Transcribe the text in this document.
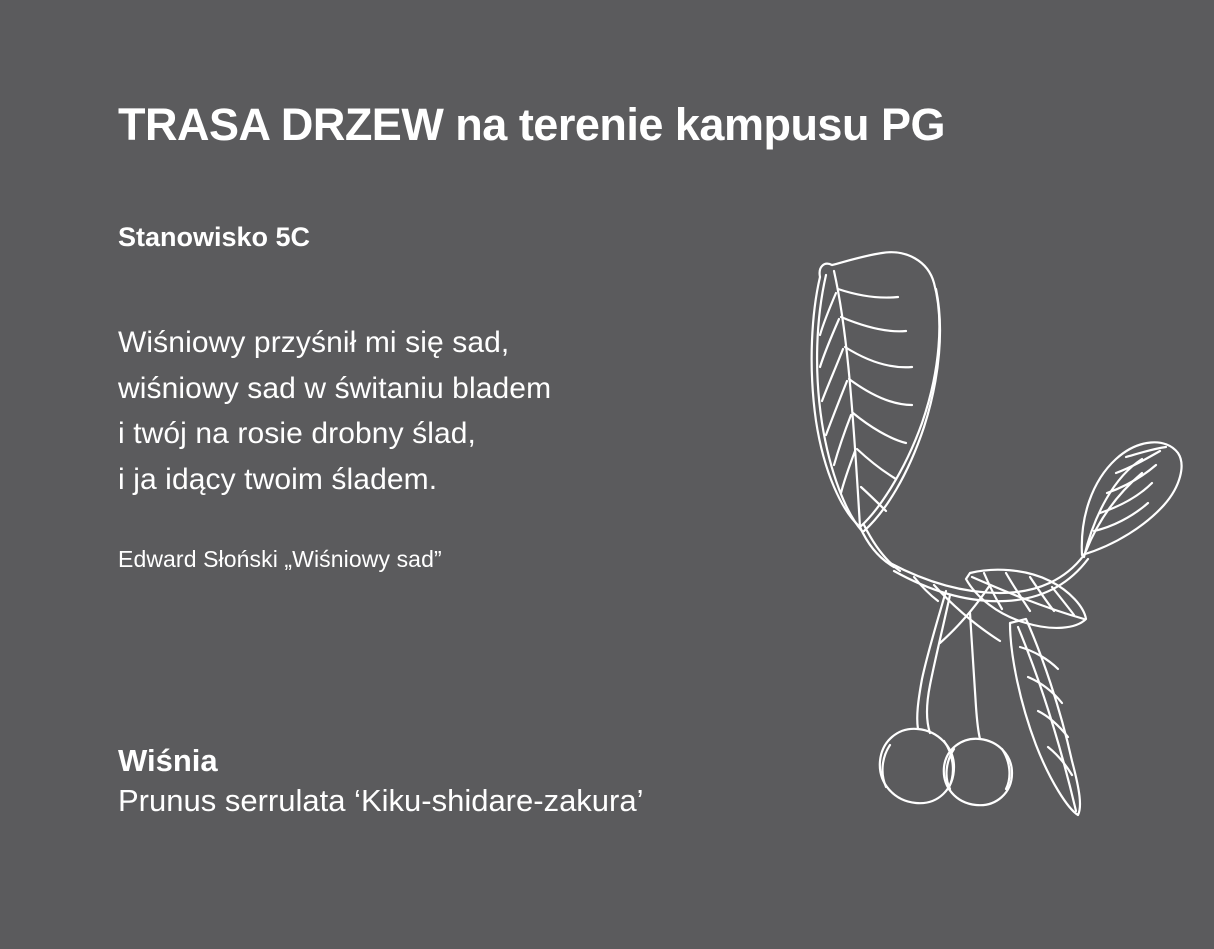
TRASA DRZEW na terenie kampusu PG
Stanowisko 5C
Wiśniowy przyśnił mi się sad,
wiśniowy sad w świtaniu bladem
i twój na rosie drobny ślad,
i ja idący twoim śladem.
Edward Słoński „Wiśniowy sad”
Wiśnia
Prunus serrulata ‘Kiku-shidare-zakura’
